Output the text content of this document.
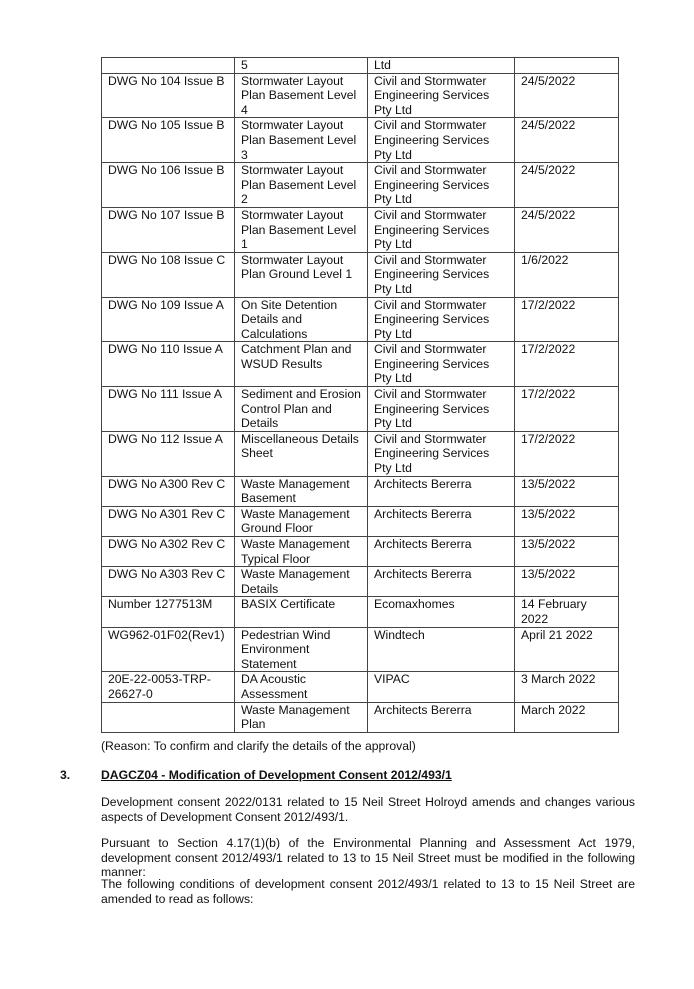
	5	Ltd	
DWG No 104 Issue B	Stormwater Layout Plan Basement Level 4	Civil and Stormwater Engineering Services Pty Ltd	24/5/2022
DWG No 105 Issue B	Stormwater Layout Plan Basement Level 3	Civil and Stormwater Engineering Services Pty Ltd	24/5/2022
DWG No 106 Issue B	Stormwater Layout Plan Basement Level 2	Civil and Stormwater Engineering Services Pty Ltd	24/5/2022
DWG No 107 Issue B	Stormwater Layout Plan Basement Level 1	Civil and Stormwater Engineering Services Pty Ltd	24/5/2022
DWG No 108 Issue C	Stormwater Layout Plan Ground Level 1	Civil and Stormwater Engineering Services Pty Ltd	1/6/2022
DWG No 109 Issue A	On Site Detention Details and Calculations	Civil and Stormwater Engineering Services Pty Ltd	17/2/2022
DWG No 110 Issue A	Catchment Plan and WSUD Results	Civil and Stormwater Engineering Services Pty Ltd	17/2/2022
DWG No 111 Issue A	Sediment and Erosion Control Plan and Details	Civil and Stormwater Engineering Services Pty Ltd	17/2/2022
DWG No 112 Issue A	Miscellaneous Details Sheet	Civil and Stormwater Engineering Services Pty Ltd	17/2/2022
DWG No A300 Rev C	Waste Management Basement	Architects Bererra	13/5/2022
DWG No A301 Rev C	Waste Management Ground Floor	Architects Bererra	13/5/2022
DWG No A302 Rev C	Waste Management Typical Floor	Architects Bererra	13/5/2022
DWG No A303 Rev C	Waste Management Details	Architects Bererra	13/5/2022
Number 1277513M	BASIX Certificate	Ecomaxhomes	14 February 2022
WG962-01F02(Rev1)	Pedestrian Wind Environment Statement	Windtech	April 21 2022
20E-22-0053-TRP-26627-0	DA Acoustic Assessment	VIPAC	3 March 2022
	Waste Management Plan	Architects Bererra	March 2022

(Reason: To confirm and clarify the details of the approval)

3.	DAGCZ04 - Modification of Development Consent 2012/493/1

Development consent 2022/0131 related to 15 Neil Street Holroyd amends and changes various aspects of Development Consent 2012/493/1.

Pursuant to Section 4.17(1)(b) of the Environmental Planning and Assessment Act 1979, development consent 2012/493/1 related to 13 to 15 Neil Street must be modified in the following manner:

The following conditions of development consent 2012/493/1 related to 13 to 15 Neil Street are amended to read as follows:
